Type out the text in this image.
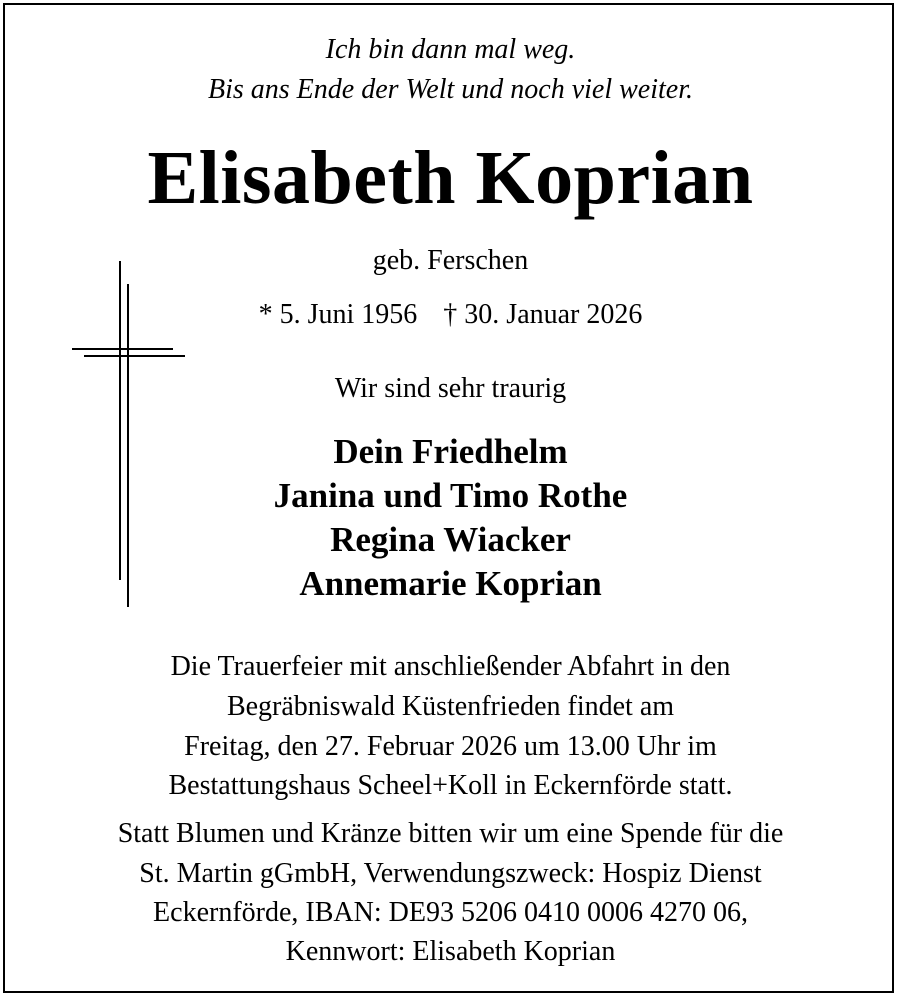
Ich bin dann mal weg.
Bis ans Ende der Welt und noch viel weiter.
Elisabeth Koprian
geb. Ferschen
* 5. Juni 1956 † 30. Januar 2026
Wir sind sehr traurig
Dein Friedhelm
Janina und Timo Rothe
Regina Wiacker
Annemarie Koprian
Die Trauerfeier mit anschließender Abfahrt in den
Begräbniswald Küstenfrieden findet am
Freitag, den 27. Februar 2026 um 13.00 Uhr im
Bestattungshaus Scheel+Koll in Eckernförde statt.
Statt Blumen und Kränze bitten wir um eine Spende für die
St. Martin gGmbH, Verwendungszweck: Hospiz Dienst
Eckernförde, IBAN: DE93 5206 0410 0006 4270 06,
Kennwort: Elisabeth Koprian
